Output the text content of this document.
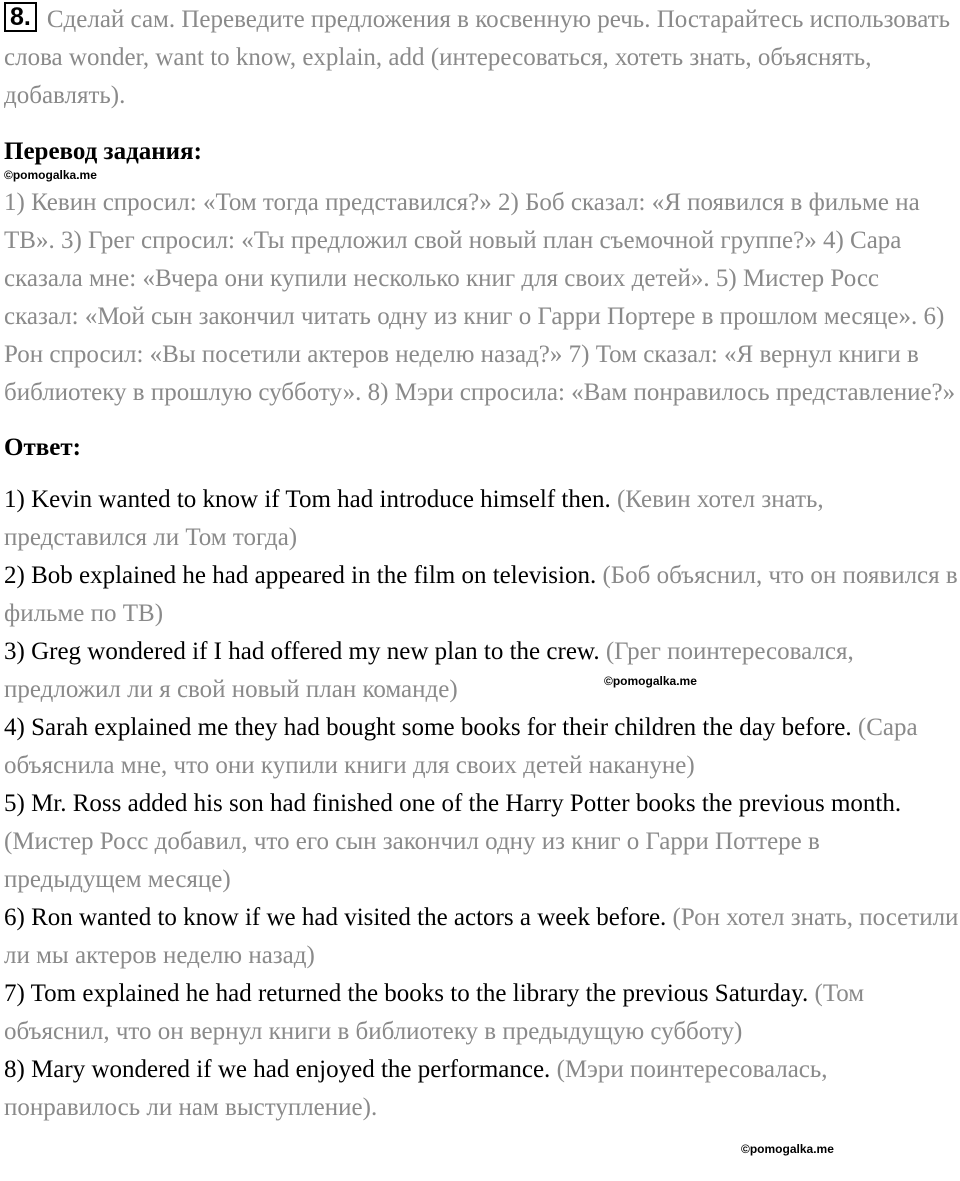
8. Сделай сам. Переведите предложения в косвенную речь. Постарайтесь использовать слова wonder, want to know, explain, add (интересоваться, хотеть знать, объяснять, добавлять).
Перевод задания:
©pomogalka.me
1) Кевин спросил: «Том тогда представился?» 2) Боб сказал: «Я появился в фильме на ТВ». 3) Грег спросил: «Ты предложил свой новый план съемочной группе?» 4) Сара сказала мне: «Вчера они купили несколько книг для своих детей». 5) Мистер Росс сказал: «Мой сын закончил читать одну из книг о Гарри Портере в прошлом месяце». 6) Рон спросил: «Вы посетили актеров неделю назад?» 7) Том сказал: «Я вернул книги в библиотеку в прошлую субботу». 8) Мэри спросила: «Вам понравилось представление?»
Ответ:
1) Kevin wanted to know if Tom had introduce himself then. (Кевин хотел знать, представился ли Том тогда)
2) Bob explained he had appeared in the film on television. (Боб объяснил, что он появился в фильме по ТВ)
3) Greg wondered if I had offered my new plan to the crew. (Грег поинтересовался, предложил ли я свой новый план команде)
4) Sarah explained me they had bought some books for their children the day before. (Сара объяснила мне, что они купили книги для своих детей накануне)
5) Mr. Ross added his son had finished one of the Harry Potter books the previous month. (Мистер Росс добавил, что его сын закончил одну из книг о Гарри Поттере в предыдущем месяце)
6) Ron wanted to know if we had visited the actors a week before. (Рон хотел знать, посетили ли мы актеров неделю назад)
7) Tom explained he had returned the books to the library the previous Saturday. (Том объяснил, что он вернул книги в библиотеку в предыдущую субботу)
8) Mary wondered if we had enjoyed the performance. (Мэри поинтересовалась, понравилось ли нам выступление).
©pomogalka.me
©pomogalka.me
